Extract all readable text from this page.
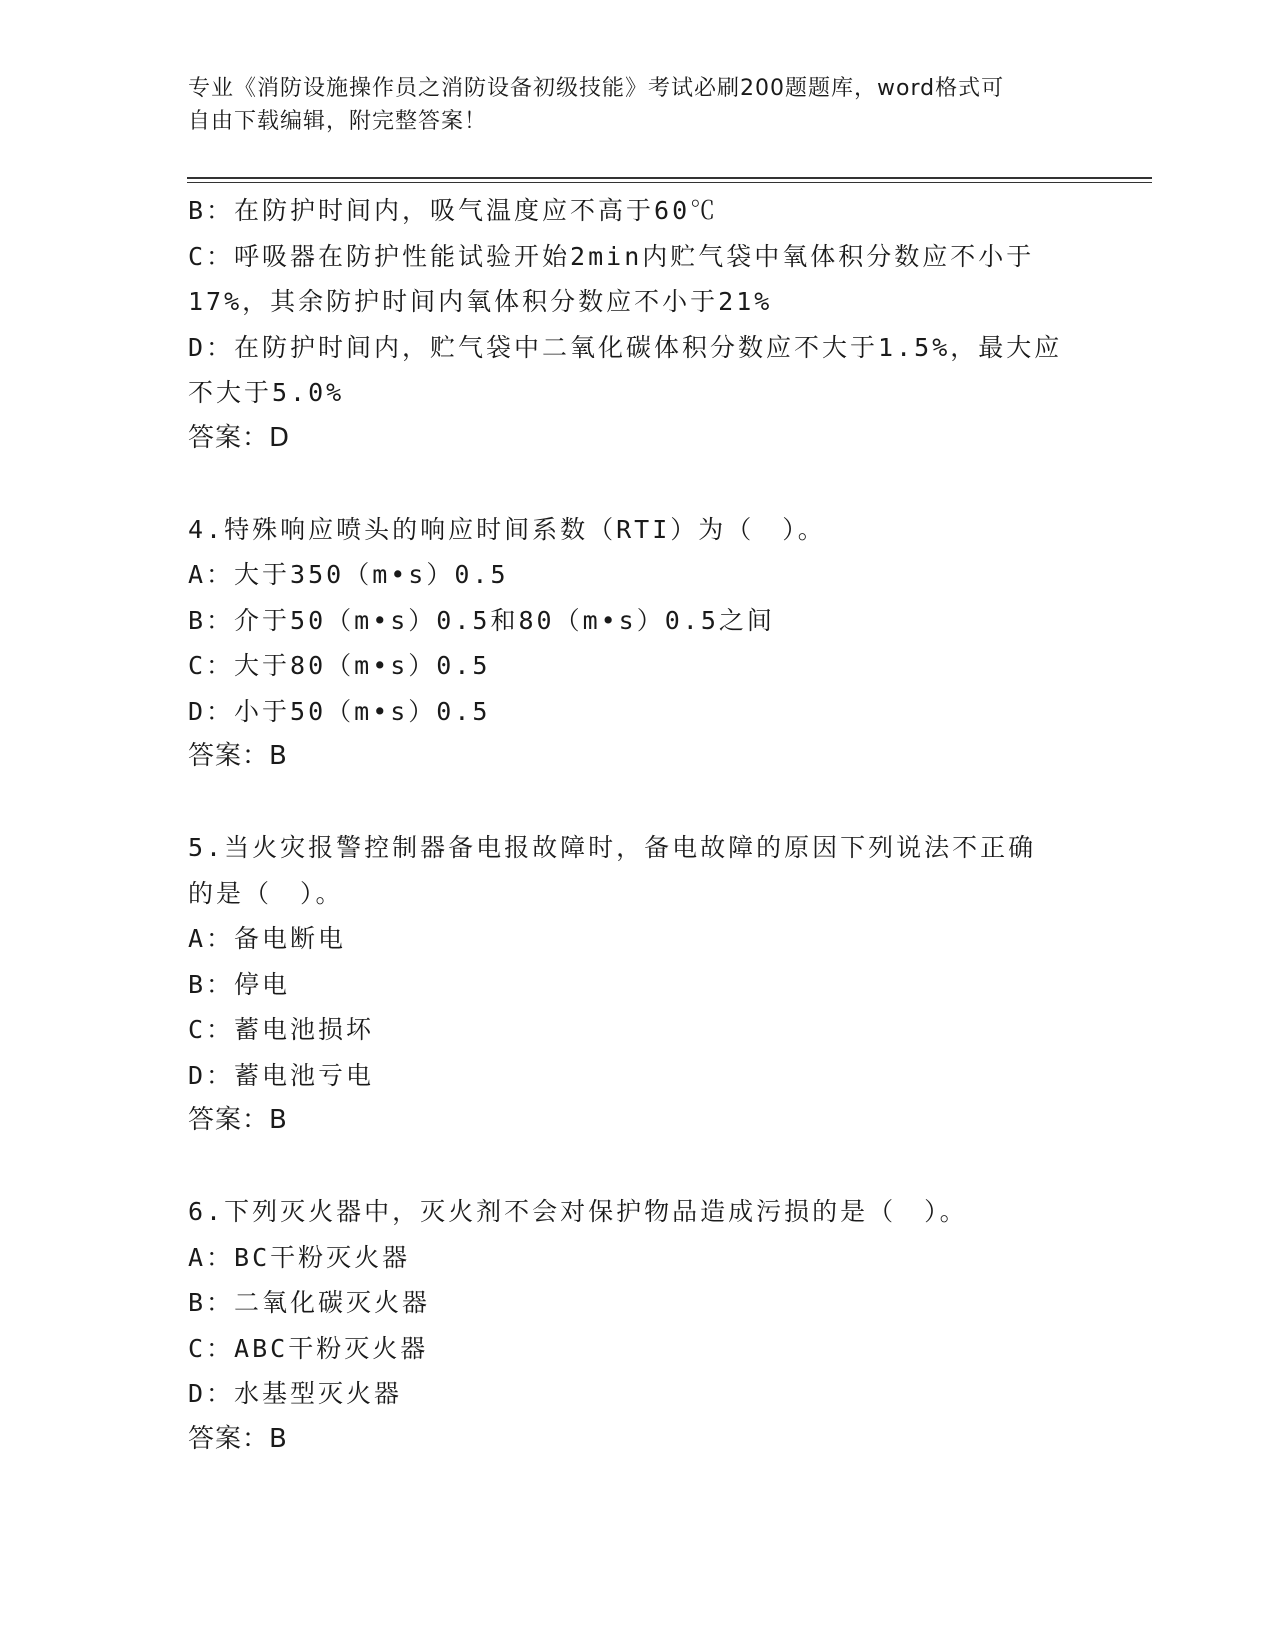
专业《消防设施操作员之消防设备初级技能》考试必刷200题题库，word格式可
自由下载编辑，附完整答案！
B：在防护时间内，吸气温度应不高于60℃
C：呼吸器在防护性能试验开始2min内贮气袋中氧体积分数应不小于
17%，其余防护时间内氧体积分数应不小于21%
D：在防护时间内，贮气袋中二氧化碳体积分数应不大于1.5%，最大应
不大于5.0%
答案：D
4.特殊响应喷头的响应时间系数（RTI）为（　）。
A：大于350（m•s）0.5
B：介于50（m•s）0.5和80（m•s）0.5之间
C：大于80（m•s）0.5
D：小于50（m•s）0.5
答案：B
5.当火灾报警控制器备电报故障时，备电故障的原因下列说法不正确
的是（　）。
A：备电断电
B：停电
C：蓄电池损坏
D：蓄电池亏电
答案：B
6.下列灭火器中，灭火剂不会对保护物品造成污损的是（　）。
A：BC干粉灭火器
B：二氧化碳灭火器
C：ABC干粉灭火器
D：水基型灭火器
答案：B
